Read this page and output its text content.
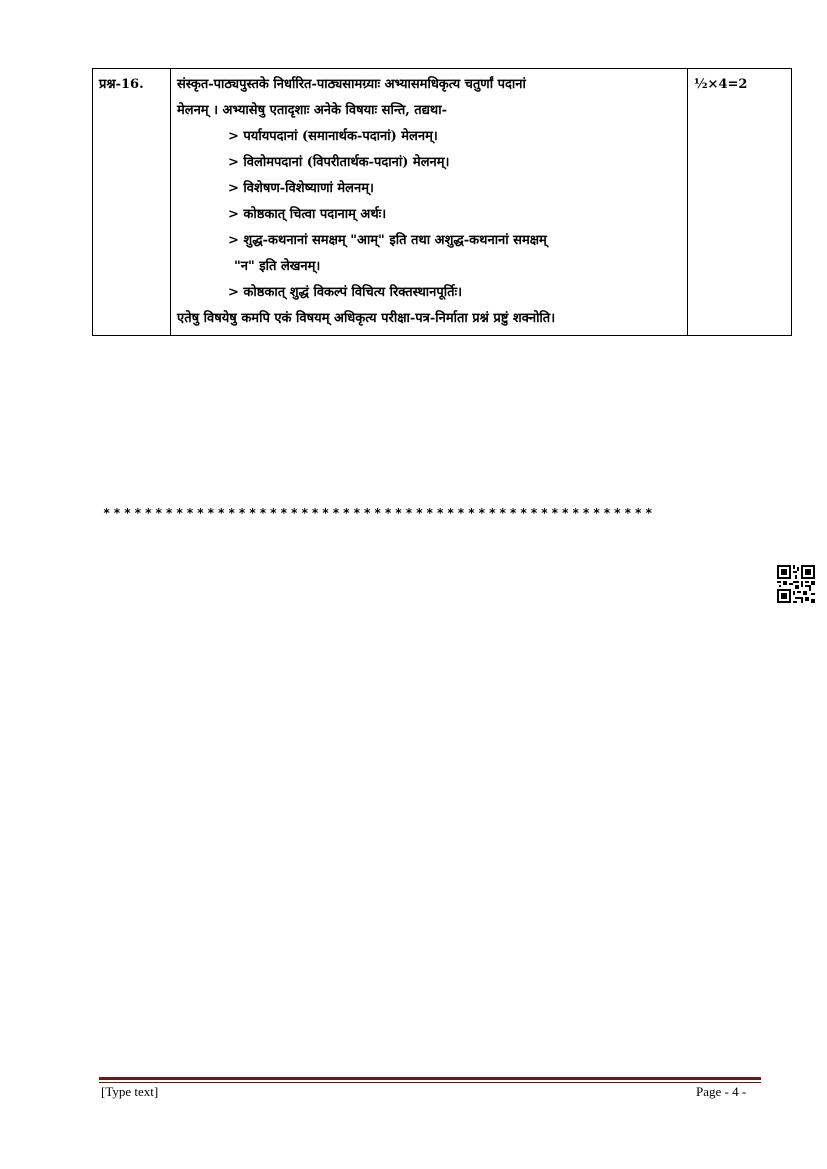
प्रश्न-16.	संस्कृत-पाठ्यपुस्तके निर्धारित-पाठ्यसामग्र्याः अभ्यासमधिकृत्य चतुर्णां पदानां
मेलनम् । अभ्यासेषु एतादृशाः अनेके विषयाः सन्ति, तद्यथा-
> पर्यायपदानां (समानार्थक-पदानां) मेलनम्।
> विलोमपदानां (विपरीतार्थक-पदानां) मेलनम्।
> विशेषण-विशेष्याणां मेलनम्।
> कोष्ठकात् चित्वा पदानाम् अर्थः।
> शुद्ध-कथनानां समक्षम् "आम्" इति तथा अशुद्ध-कथनानां समक्षम्
"न" इति लेखनम्।
> कोष्ठकात् शुद्धं विकल्पं विचित्य रिक्तस्थानपूर्तिः।
एतेषु विषयेषु कमपि एकं विषयम् अधिकृत्य परीक्षा-पत्र-निर्माता प्रश्नं प्रष्टुं शक्नोति।
	½×4=2
*****************************************************
[Type text]	Page - 4 -
